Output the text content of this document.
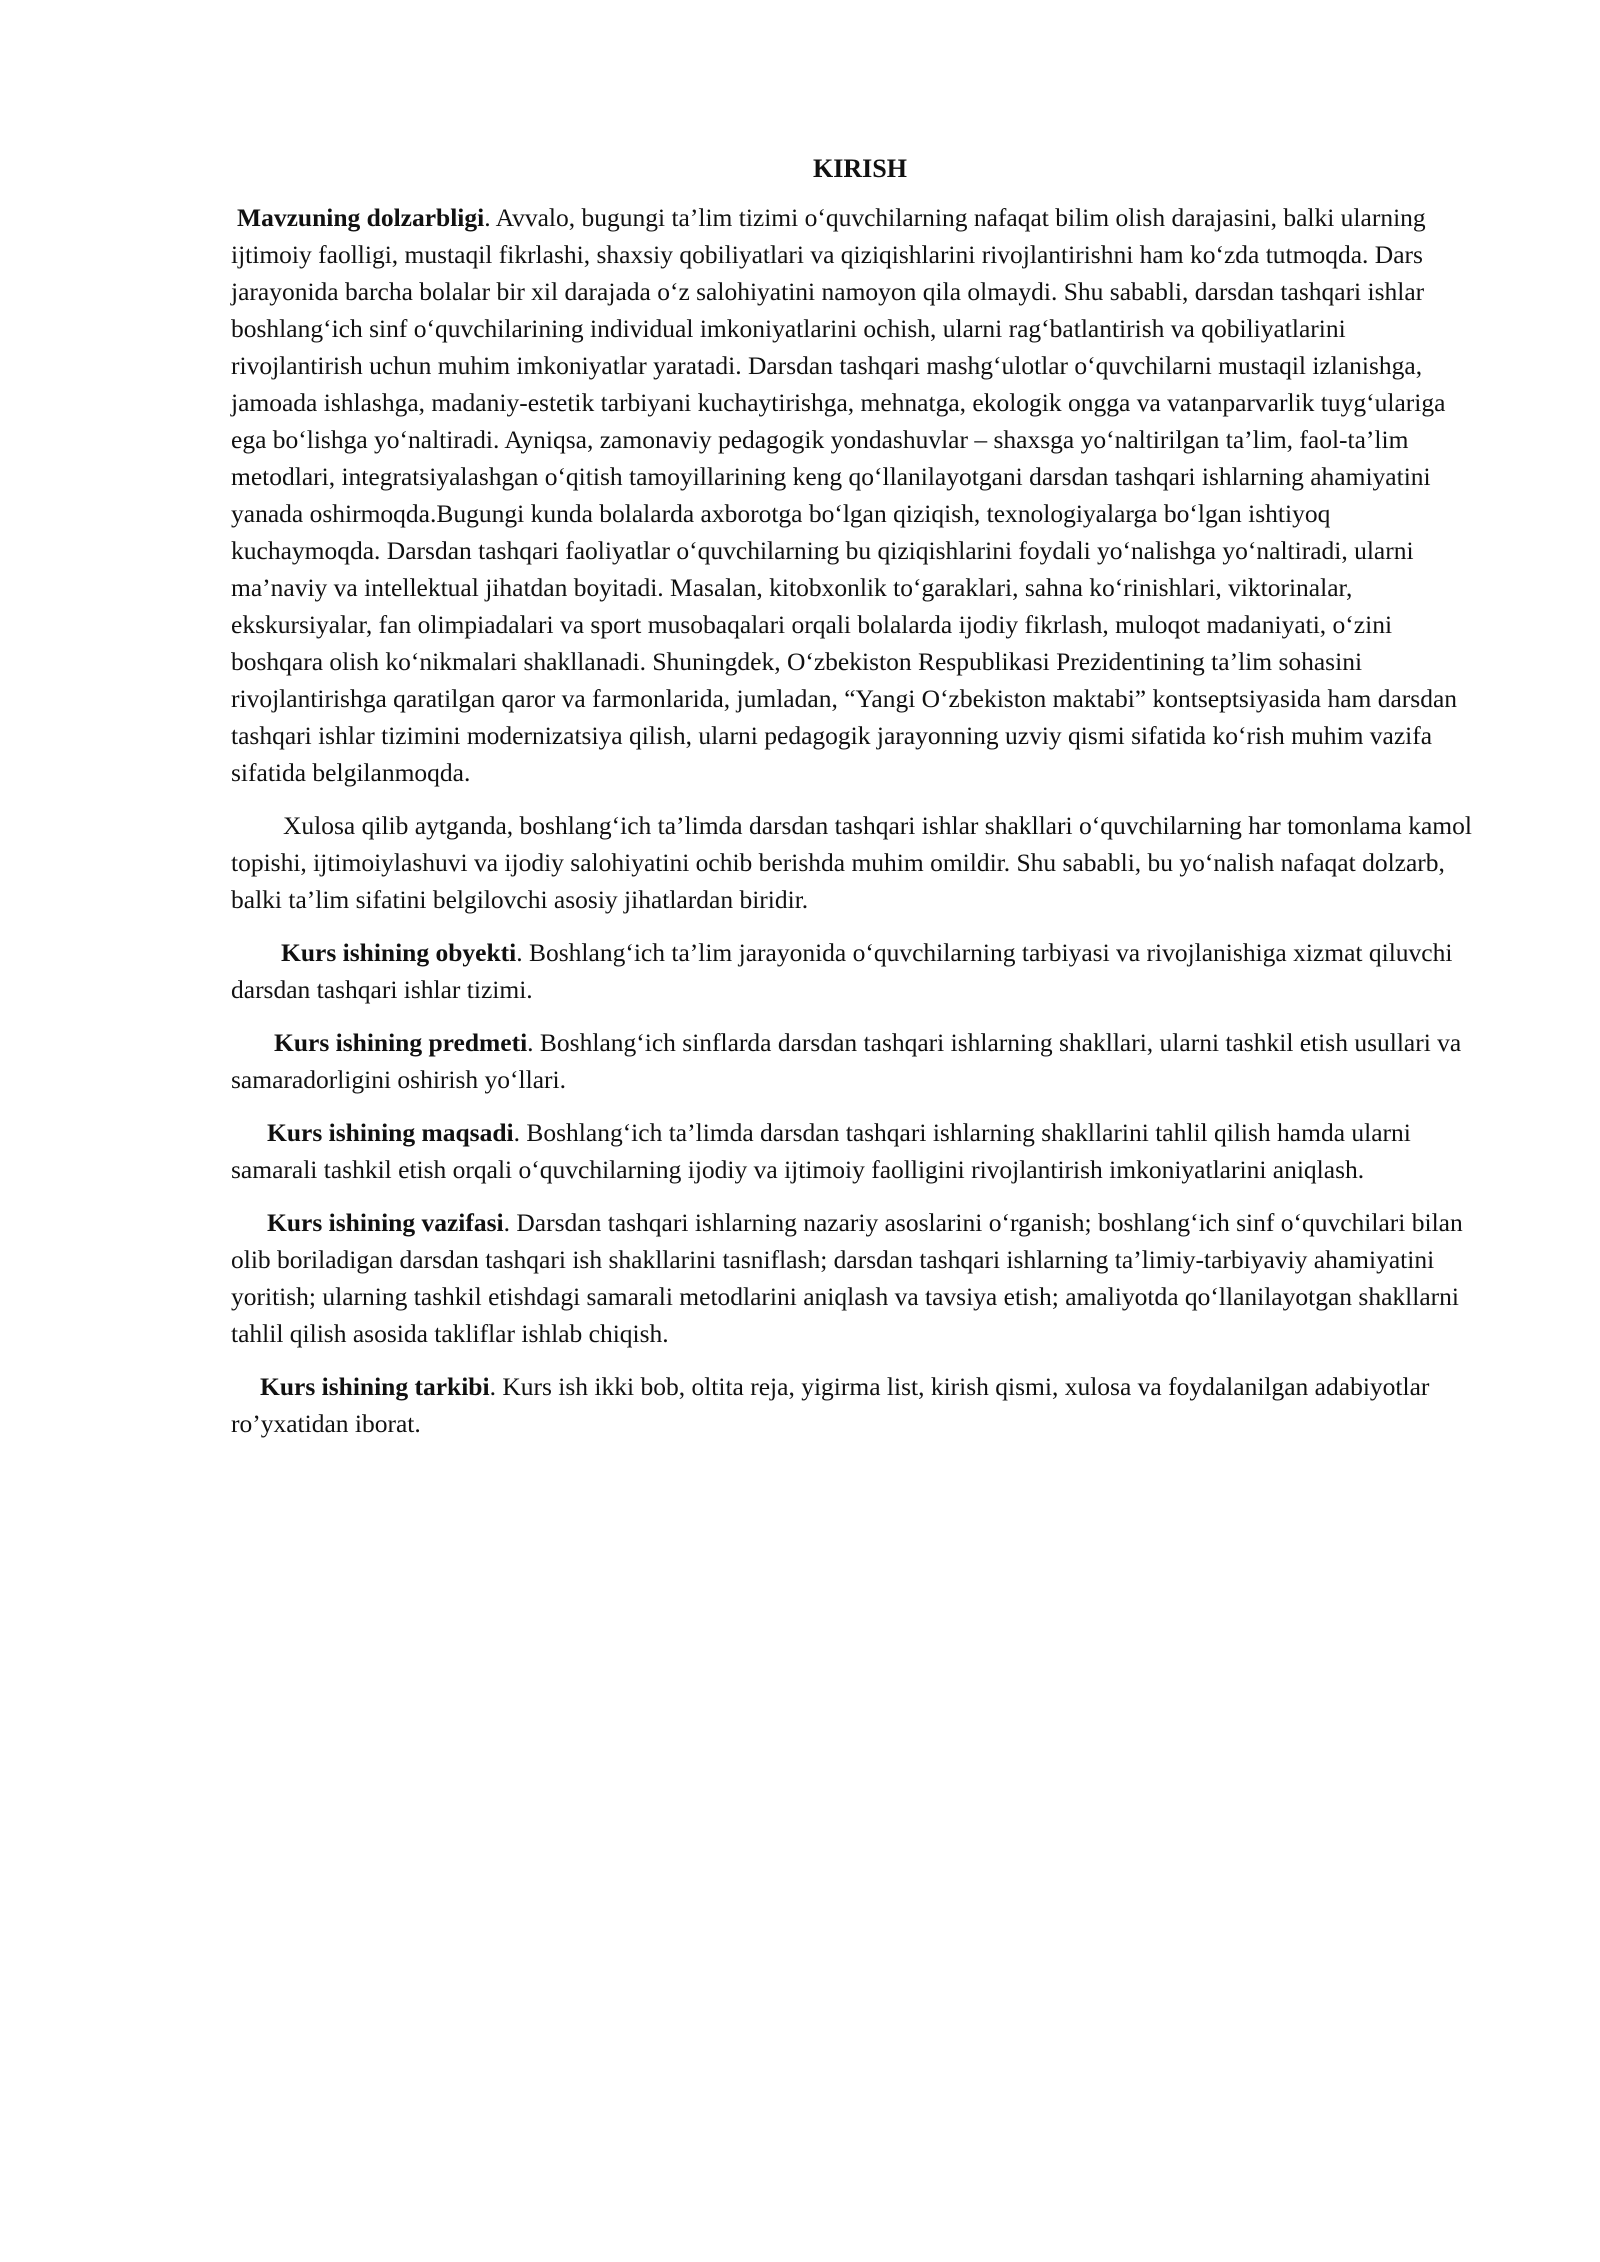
KIRISH

Mavzuning dolzarbligi. Avvalo, bugungi ta’lim tizimi o‘quvchilarning nafaqat bilim olish darajasini, balki ularning ijtimoiy faolligi, mustaqil fikrlashi, shaxsiy qobiliyatlari va qiziqishlarini rivojlantirishni ham ko‘zda tutmoqda. Dars jarayonida barcha bolalar bir xil darajada o‘z salohiyatini namoyon qila olmaydi. Shu sababli, darsdan tashqari ishlar boshlang‘ich sinf o‘quvchilarining individual imkoniyatlarini ochish, ularni rag‘batlantirish va qobiliyatlarini rivojlantirish uchun muhim imkoniyatlar yaratadi. Darsdan tashqari mashg‘ulotlar o‘quvchilarni mustaqil izlanishga, jamoada ishlashga, madaniy-estetik tarbiyani kuchaytirishga, mehnatga, ekologik ongga va vatanparvarlik tuyg‘ulariga ega bo‘lishga yo‘naltiradi. Ayniqsa, zamonaviy pedagogik yondashuvlar – shaxsga yo‘naltirilgan ta’lim, faol-ta’lim metodlari, integratsiyalashgan o‘qitish tamoyillarining keng qo‘llanilayotgani darsdan tashqari ishlarning ahamiyatini yanada oshirmoqda.Bugungi kunda bolalarda axborotga bo‘lgan qiziqish, texnologiyalarga bo‘lgan ishtiyoq kuchaymoqda. Darsdan tashqari faoliyatlar o‘quvchilarning bu qiziqishlarini foydali yo‘nalishga yo‘naltiradi, ularni ma’naviy va intellektual jihatdan boyitadi. Masalan, kitobxonlik to‘garaklari, sahna ko‘rinishlari, viktorinalar, ekskursiyalar, fan olimpiadalari va sport musobaqalari orqali bolalarda ijodiy fikrlash, muloqot madaniyati, o‘zini boshqara olish ko‘nikmalari shakllanadi. Shuningdek, O‘zbekiston Respublikasi Prezidentining ta’lim sohasini rivojlantirishga qaratilgan qaror va farmonlarida, jumladan, “Yangi O‘zbekiston maktabi” kontseptsiyasida ham darsdan tashqari ishlar tizimini modernizatsiya qilish, ularni pedagogik jarayonning uzviy qismi sifatida ko‘rish muhim vazifa sifatida belgilanmoqda.

Xulosa qilib aytganda, boshlang‘ich ta’limda darsdan tashqari ishlar shakllari o‘quvchilarning har tomonlama kamol topishi, ijtimoiylashuvi va ijodiy salohiyatini ochib berishda muhim omildir. Shu sababli, bu yo‘nalish nafaqat dolzarb, balki ta’lim sifatini belgilovchi asosiy jihatlardan biridir.

Kurs ishining obyekti. Boshlang‘ich ta’lim jarayonida o‘quvchilarning tarbiyasi va rivojlanishiga xizmat qiluvchi darsdan tashqari ishlar tizimi.

Kurs ishining predmeti. Boshlang‘ich sinflarda darsdan tashqari ishlarning shakllari, ularni tashkil etish usullari va samaradorligini oshirish yo‘llari.

Kurs ishining maqsadi. Boshlang‘ich ta’limda darsdan tashqari ishlarning shakllarini tahlil qilish hamda ularni samarali tashkil etish orqali o‘quvchilarning ijodiy va ijtimoiy faolligini rivojlantirish imkoniyatlarini aniqlash.

Kurs ishining vazifasi. Darsdan tashqari ishlarning nazariy asoslarini o‘rganish; boshlang‘ich sinf o‘quvchilari bilan olib boriladigan darsdan tashqari ish shakllarini tasniflash; darsdan tashqari ishlarning ta’limiy-tarbiyaviy ahamiyatini yoritish; ularning tashkil etishdagi samarali metodlarini aniqlash va tavsiya etish; amaliyotda qo‘llanilayotgan shakllarni tahlil qilish asosida takliflar ishlab chiqish.

Kurs ishining tarkibi. Kurs ish ikki bob, oltita reja, yigirma list, kirish qismi, xulosa va foydalanilgan adabiyotlar ro’yxatidan iborat.
